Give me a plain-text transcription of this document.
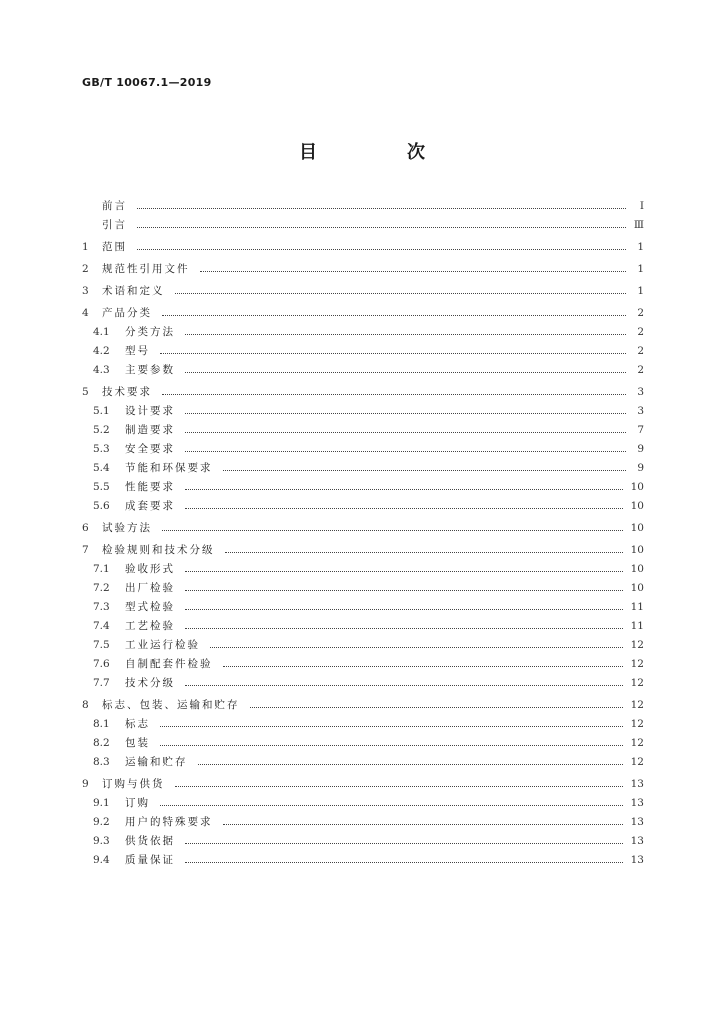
GB/T 10067.1—2019
目　次
前言	Ⅰ
引言	Ⅲ
1	范围	1
2	规范性引用文件	1
3	术语和定义	1
4	产品分类	2
4.1	分类方法	2
4.2	型号	2
4.3	主要参数	2
5	技术要求	3
5.1	设计要求	3
5.2	制造要求	7
5.3	安全要求	9
5.4	节能和环保要求	9
5.5	性能要求	10
5.6	成套要求	10
6	试验方法	10
7	检验规则和技术分级	10
7.1	验收形式	10
7.2	出厂检验	10
7.3	型式检验	11
7.4	工艺检验	11
7.5	工业运行检验	12
7.6	自制配套件检验	12
7.7	技术分级	12
8	标志、包装、运输和贮存	12
8.1	标志	12
8.2	包装	12
8.3	运输和贮存	12
9	订购与供货	13
9.1	订购	13
9.2	用户的特殊要求	13
9.3	供货依据	13
9.4	质量保证	13
